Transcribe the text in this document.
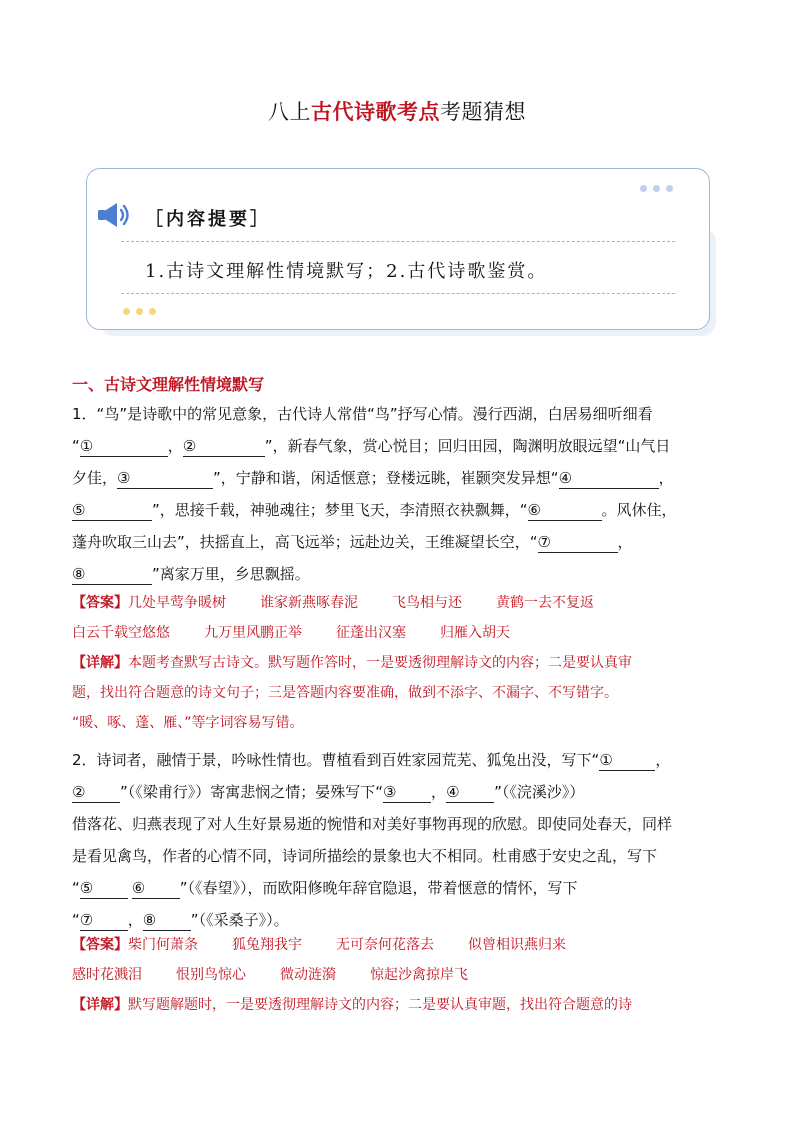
八上古代诗歌考点考题猜想
［内容提要］
1.古诗文理解性情境默写；2.古代诗歌鉴赏。
一、古诗文理解性情境默写
1．“鸟”是诗歌中的常见意象，古代诗人常借“鸟”抒写心情。漫行西湖，白居易细听细看
“①	，②	”，新春气象，赏心悦目；回归田园，陶渊明放眼远望“山气日
夕佳，③	”，宁静和谐，闲适惬意；登楼远眺，崔颢突发异想“④	，
⑤	”，思接千载，神驰魂往；梦里飞天，李清照衣袂飘舞，“⑥	。风休住，
蓬舟吹取三山去”，扶摇直上，高飞远举；远赴边关，王维凝望长空，“⑦	，
⑧	”离家万里，乡思飘摇。
【答案】几处早莺争暖树 谁家新燕啄春泥 飞鸟相与还 黄鹤一去不复返
白云千载空悠悠 九万里风鹏正举 征蓬出汉塞 归雁入胡天
【详解】本题考查默写古诗文。默写题作答时，一是要透彻理解诗文的内容；二是要认真审
题，找出符合题意的诗文句子；三是答题内容要准确，做到不添字、不漏字、不写错字。
“暖、啄、蓬、雁、”等字词容易写错。
2．诗词者，融情于景，吟咏性情也。曹植看到百姓家园荒芜、狐兔出没，写下“①	，
② ”（《梁甫行》）寄寓悲悯之情；晏殊写下“③ ，④ ”（《浣溪沙》）
借落花、归燕表现了对人生好景易逝的惋惜和对美好事物再现的欣慰。即使同处春天，同样
是看见禽鸟，作者的心情不同，诗词所描绘的景象也大不相同。杜甫感于安史之乱，写下
“⑤	⑥ ”（《春望》），而欧阳修晚年辞官隐退，带着惬意的情怀，写下
“⑦ ，⑧ ”（《采桑子》）。
【答案】柴门何萧条 狐兔翔我宇 无可奈何花落去 似曾相识燕归来
感时花溅泪 恨别鸟惊心 微动涟漪 惊起沙禽掠岸飞
【详解】默写题解题时，一是要透彻理解诗文的内容；二是要认真审题，找出符合题意的诗
